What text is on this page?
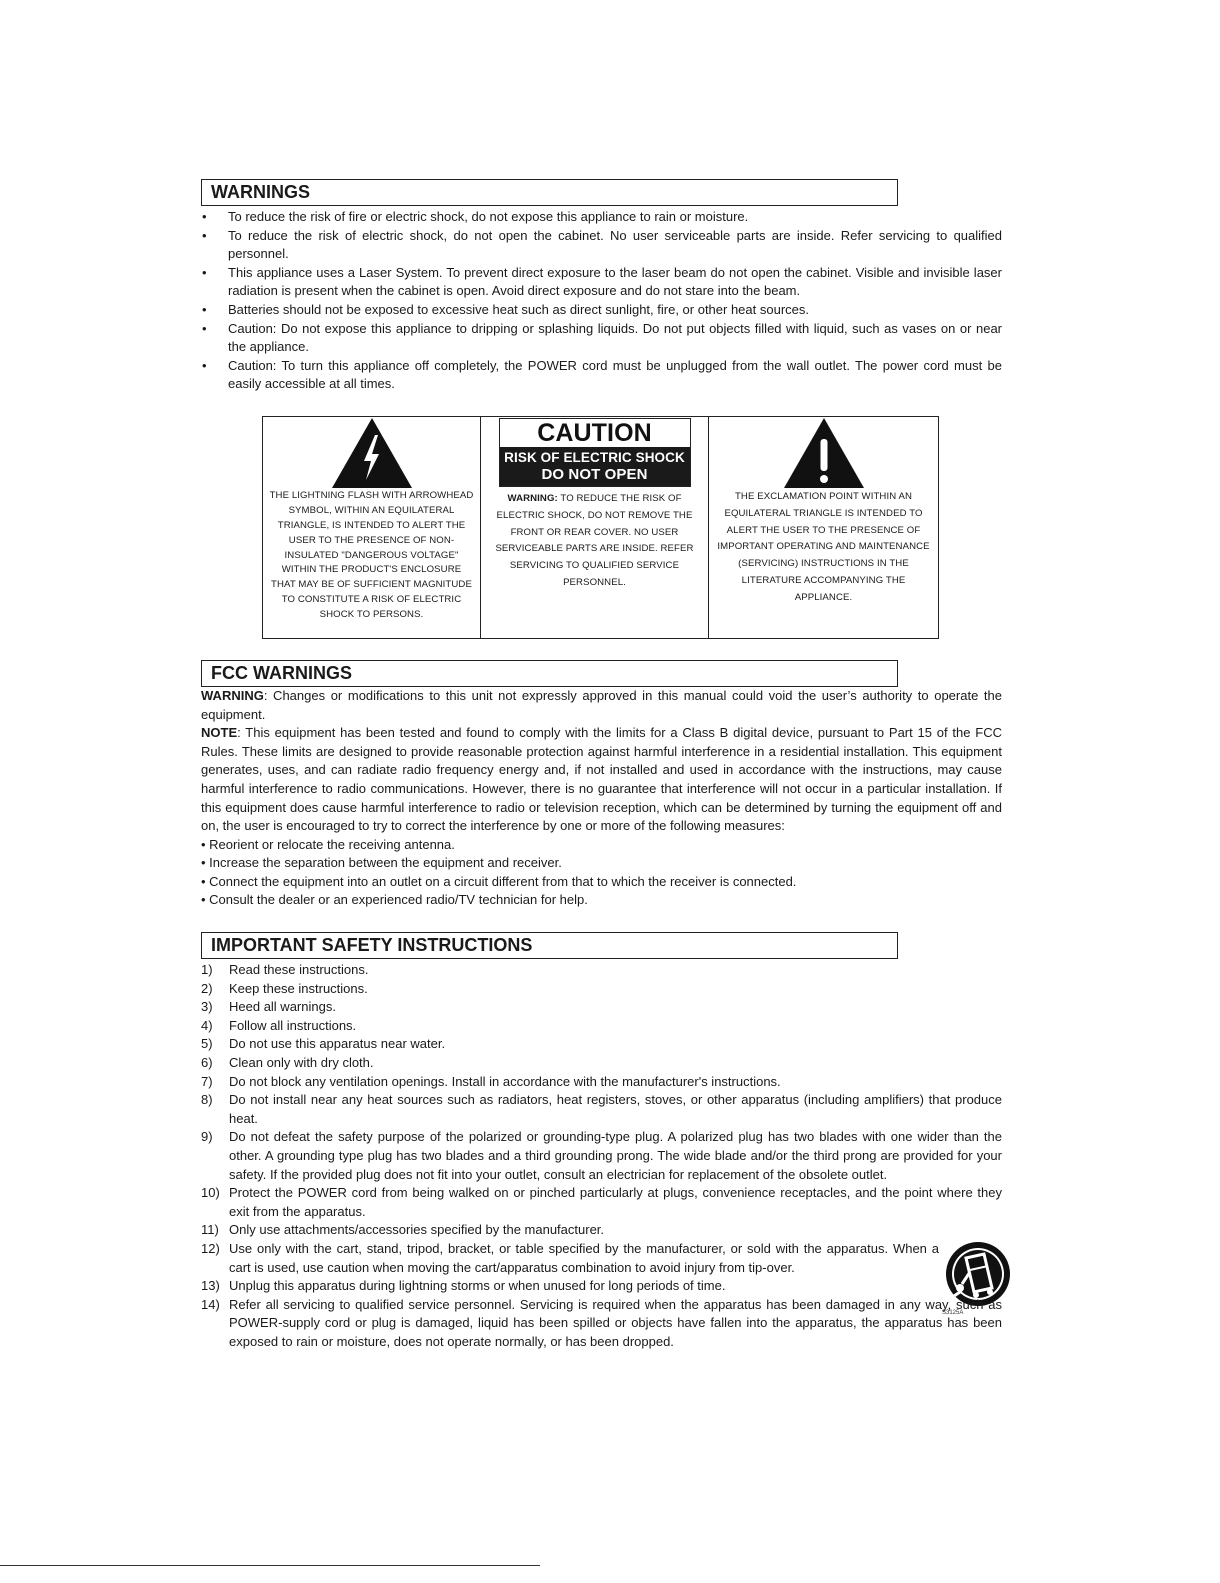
WARNINGS
• To reduce the risk of fire or electric shock, do not expose this appliance to rain or moisture.
• To reduce the risk of electric shock, do not open the cabinet. No user serviceable parts are inside. Refer servicing to qualified personnel.
• This appliance uses a Laser System. To prevent direct exposure to the laser beam do not open the cabinet. Visible and invisible laser radiation is present when the cabinet is open. Avoid direct exposure and do not stare into the beam.
• Batteries should not be exposed to excessive heat such as direct sunlight, fire, or other heat sources.
• Caution: Do not expose this appliance to dripping or splashing liquids. Do not put objects filled with liquid, such as vases on or near the appliance.
• Caution: To turn this appliance off completely, the POWER cord must be unplugged from the wall outlet. The power cord must be easily accessible at all times.
THE LIGHTNING FLASH WITH ARROWHEAD SYMBOL, WITHIN AN EQUILATERAL TRIANGLE, IS INTENDED TO ALERT THE USER TO THE PRESENCE OF NON-INSULATED "DANGEROUS VOLTAGE" WITHIN THE PRODUCT'S ENCLOSURE THAT MAY BE OF SUFFICIENT MAGNITUDE TO CONSTITUTE A RISK OF ELECTRIC SHOCK TO PERSONS.
CAUTION
RISK OF ELECTRIC SHOCK
DO NOT OPEN
WARNING: TO REDUCE THE RISK OF ELECTRIC SHOCK, DO NOT REMOVE THE FRONT OR REAR COVER. NO USER SERVICEABLE PARTS ARE INSIDE. REFER SERVICING TO QUALIFIED SERVICE PERSONNEL.
THE EXCLAMATION POINT WITHIN AN EQUILATERAL TRIANGLE IS INTENDED TO ALERT THE USER TO THE PRESENCE OF IMPORTANT OPERATING AND MAINTENANCE (SERVICING) INSTRUCTIONS IN THE LITERATURE ACCOMPANYING THE APPLIANCE.
FCC WARNINGS

WARNING: Changes or modifications to this unit not expressly approved in this manual could void the user’s authority to operate the equipment.

NOTE: This equipment has been tested and found to comply with the limits for a Class B digital device, pursuant to Part 15 of the FCC Rules. These limits are designed to provide reasonable protection against harmful interference in a residential installation. This equipment generates, uses, and can radiate radio frequency energy and, if not installed and used in accordance with the instructions, may cause harmful interference to radio communications. However, there is no guarantee that interference will not occur in a particular installation. If this equipment does cause harmful interference to radio or television reception, which can be determined by turning the equipment off and on, the user is encouraged to try to correct the interference by one or more of the following measures:

• Reorient or relocate the receiving antenna.
• Increase the separation between the equipment and receiver.
• Connect the equipment into an outlet on a circuit different from that to which the receiver is connected.
• Consult the dealer or an experienced radio/TV technician for help.
IMPORTANT SAFETY INSTRUCTIONS
1) Read these instructions.
2) Keep these instructions.
3) Heed all warnings.
4) Follow all instructions.
5) Do not use this apparatus near water.
6) Clean only with dry cloth.
7) Do not block any ventilation openings. Install in accordance with the manufacturer's instructions.
8) Do not install near any heat sources such as radiators, heat registers, stoves, or other apparatus (including amplifiers) that produce heat.
9) Do not defeat the safety purpose of the polarized or grounding-type plug. A polarized plug has two blades with one wider than the other. A grounding type plug has two blades and a third grounding prong. The wide blade and/or the third prong are provided for your safety. If the provided plug does not fit into your outlet, consult an electrician for replacement of the obsolete outlet.
10) Protect the POWER cord from being walked on or pinched particularly at plugs, convenience receptacles, and the point where they exit from the apparatus.
11) Only use attachments/accessories specified by the manufacturer.
12) Use only with the cart, stand, tripod, bracket, or table specified by the manufacturer, or sold with the apparatus. When a cart is used, use caution when moving the cart/apparatus combination to avoid injury from tip-over.
S3125A
13) Unplug this apparatus during lightning storms or when unused for long periods of time.
14) Refer all servicing to qualified service personnel. Servicing is required when the apparatus has been damaged in any way, such as POWER-supply cord or plug is damaged, liquid has been spilled or objects have fallen into the apparatus, the apparatus has been exposed to rain or moisture, does not operate normally, or has been dropped.
